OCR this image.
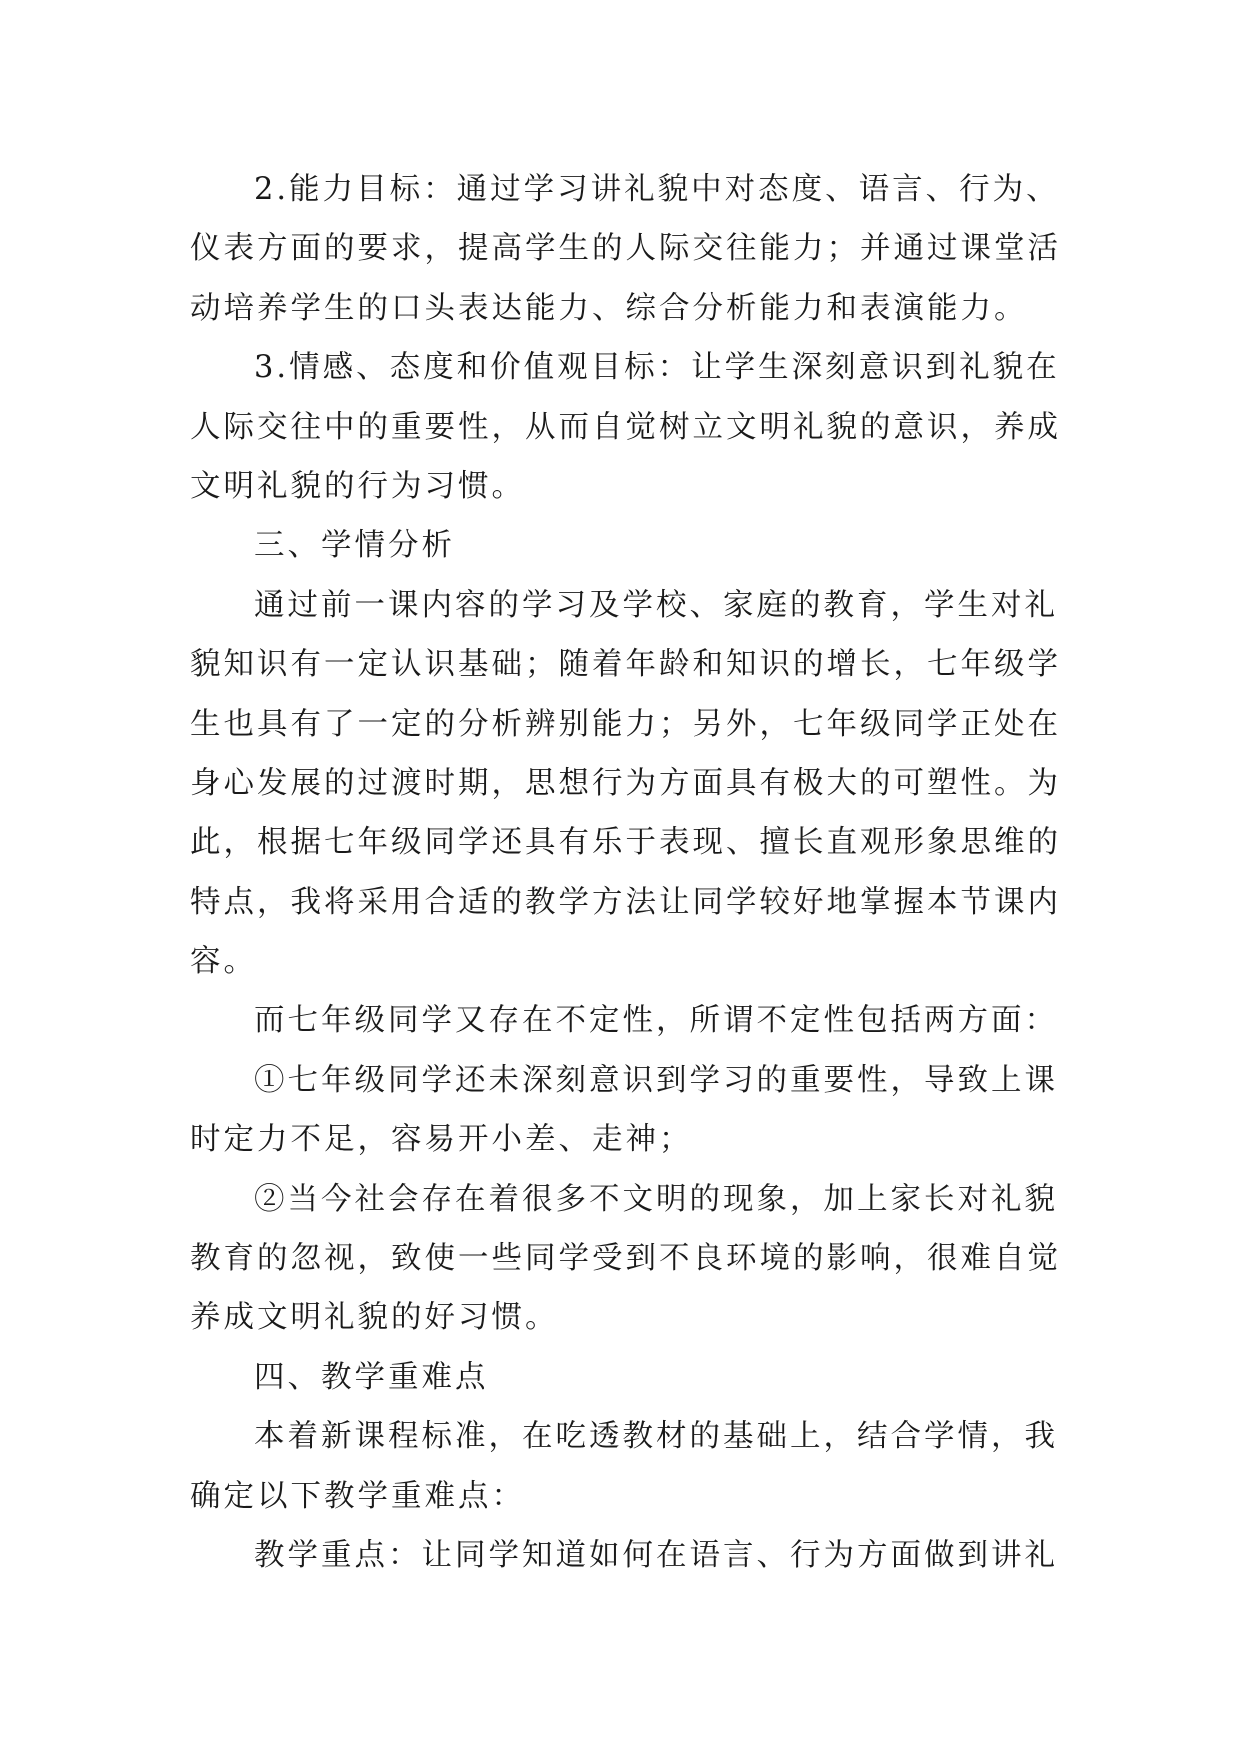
2.能力目标：通过学习讲礼貌中对态度、语言、行为、
仪表方面的要求，提高学生的人际交往能力；并通过课堂活
动培养学生的口头表达能力、综合分析能力和表演能力。
3.情感、态度和价值观目标：让学生深刻意识到礼貌在
人际交往中的重要性，从而自觉树立文明礼貌的意识，养成
文明礼貌的行为习惯。
三、学情分析
通过前一课内容的学习及学校、家庭的教育，学生对礼
貌知识有一定认识基础；随着年龄和知识的增长，七年级学
生也具有了一定的分析辨别能力；另外，七年级同学正处在
身心发展的过渡时期，思想行为方面具有极大的可塑性。为
此，根据七年级同学还具有乐于表现、擅长直观形象思维的
特点，我将采用合适的教学方法让同学较好地掌握本节课内
容。
而七年级同学又存在不定性，所谓不定性包括两方面：
①七年级同学还未深刻意识到学习的重要性，导致上课
时定力不足，容易开小差、走神；
②当今社会存在着很多不文明的现象，加上家长对礼貌
教育的忽视，致使一些同学受到不良环境的影响，很难自觉
养成文明礼貌的好习惯。
四、教学重难点
本着新课程标准，在吃透教材的基础上，结合学情，我
确定以下教学重难点：
教学重点：让同学知道如何在语言、行为方面做到讲礼
